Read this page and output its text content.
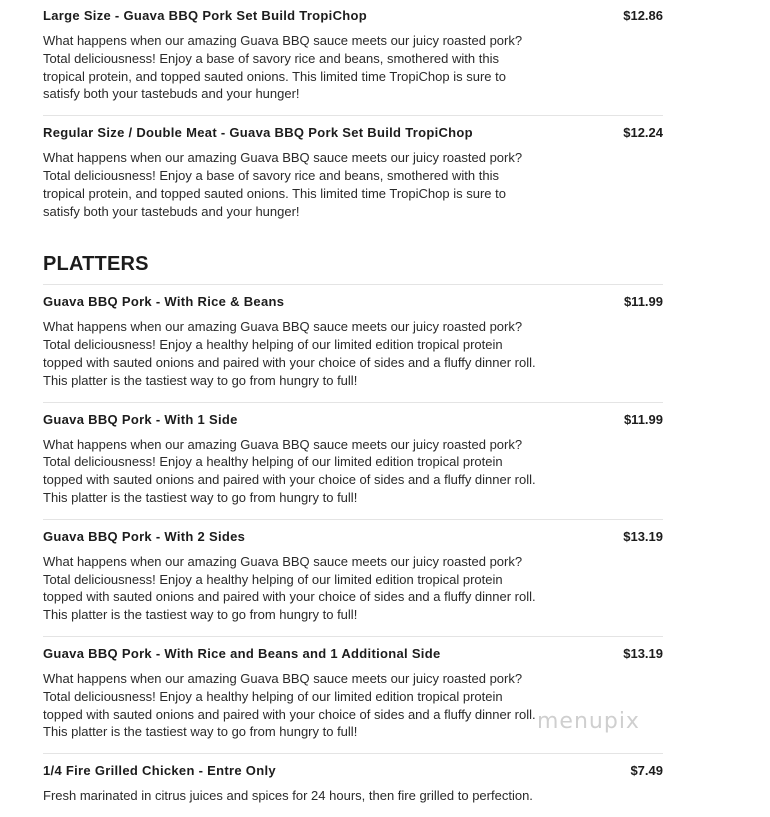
Large Size - Guava BBQ Pork Set Build TropiChop	$12.86
What happens when our amazing Guava BBQ sauce meets our juicy roasted pork? Total deliciousness! Enjoy a base of savory rice and beans, smothered with this tropical protein, and topped sauted onions. This limited time TropiChop is sure to satisfy both your tastebuds and your hunger!
Regular Size / Double Meat - Guava BBQ Pork Set Build TropiChop	$12.24
What happens when our amazing Guava BBQ sauce meets our juicy roasted pork? Total deliciousness! Enjoy a base of savory rice and beans, smothered with this tropical protein, and topped sauted onions. This limited time TropiChop is sure to satisfy both your tastebuds and your hunger!
PLATTERS
Guava BBQ Pork - With Rice & Beans	$11.99
What happens when our amazing Guava BBQ sauce meets our juicy roasted pork? Total deliciousness! Enjoy a healthy helping of our limited edition tropical protein topped with sauted onions and paired with your choice of sides and a fluffy dinner roll. This platter is the tastiest way to go from hungry to full!
Guava BBQ Pork - With 1 Side	$11.99
What happens when our amazing Guava BBQ sauce meets our juicy roasted pork? Total deliciousness! Enjoy a healthy helping of our limited edition tropical protein topped with sauted onions and paired with your choice of sides and a fluffy dinner roll. This platter is the tastiest way to go from hungry to full!
Guava BBQ Pork - With 2 Sides	$13.19
What happens when our amazing Guava BBQ sauce meets our juicy roasted pork? Total deliciousness! Enjoy a healthy helping of our limited edition tropical protein topped with sauted onions and paired with your choice of sides and a fluffy dinner roll. This platter is the tastiest way to go from hungry to full!
Guava BBQ Pork - With Rice and Beans and 1 Additional Side	$13.19
What happens when our amazing Guava BBQ sauce meets our juicy roasted pork? Total deliciousness! Enjoy a healthy helping of our limited edition tropical protein topped with sauted onions and paired with your choice of sides and a fluffy dinner roll. This platter is the tastiest way to go from hungry to full!
1/4 Fire Grilled Chicken - Entre Only	$7.49
Fresh marinated in citrus juices and spices for 24 hours, then fire grilled to perfection.
menupix
